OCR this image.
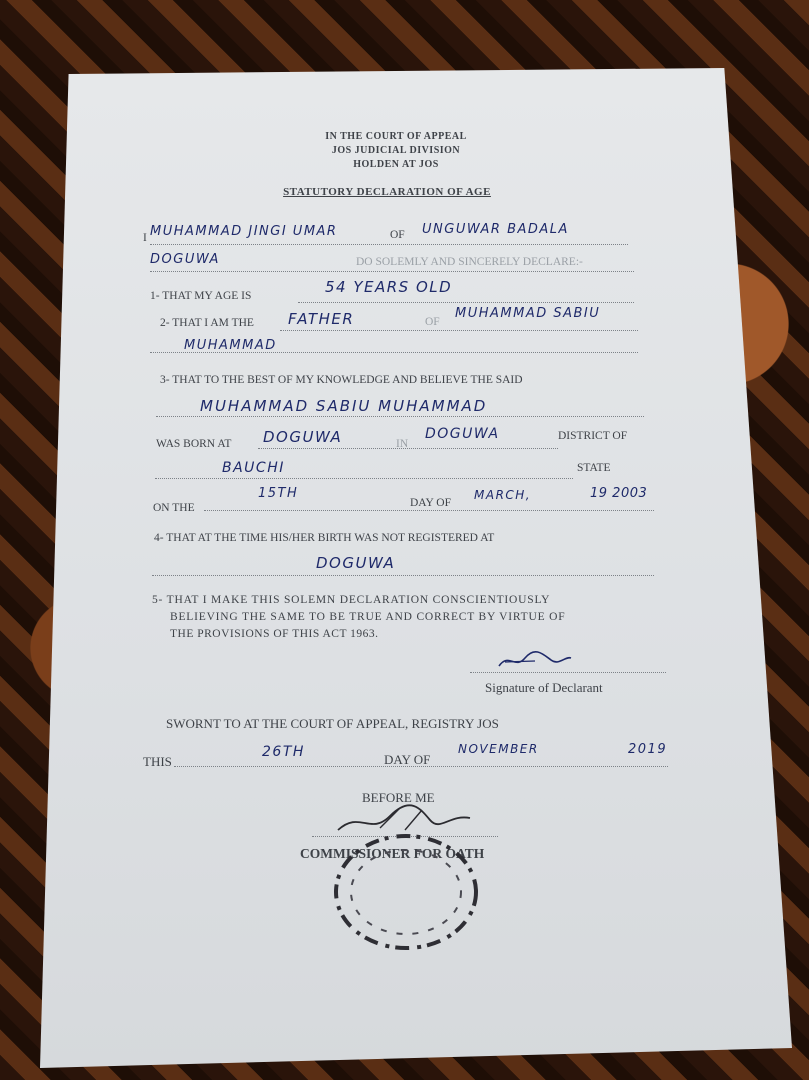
IN THE COURT OF APPEAL
JOS JUDICIAL DIVISION
HOLDEN AT JOS
STATUTORY DECLARATION OF AGE
I MUHAMMAD JINGI UMAR	OF UNGUWAR BADALA
DOGUWA	DO SOLEMLY AND SINCERELY DECLARE:-
1- THAT MY AGE IS	54 YEARS OLD
2- THAT I AM THE FATHER	OF
MUHAMMAD SABIU
MUHAMMAD
3- THAT TO THE BEST OF MY KNOWLEDGE AND BELIEVE THE SAID
MUHAMMAD SABIU MUHAMMAD
WAS BORN AT DOGUWA	IN
DOGUWA	DISTRICT OF
BAUCHI	STATE
ON THE
15TH
DAY OF
MARCH,	19 2003
4- THAT AT THE TIME HIS/HER BIRTH WAS NOT REGISTERED AT
DOGUWA
5- THAT I MAKE THIS SOLEMN DECLARATION CONSCIENTIOUSLY
BELIEVING THE SAME TO BE TRUE AND CORRECT BY VIRTUE OF
THE PROVISIONS OF THIS ACT 1963.
Signature of Declarant
SWORNT TO AT THE COURT OF APPEAL, REGISTRY JOS
THIS
26TH	DAY OF
NOVEMBER	2019
BEFORE ME
COMMISSIONER FOR OATH
